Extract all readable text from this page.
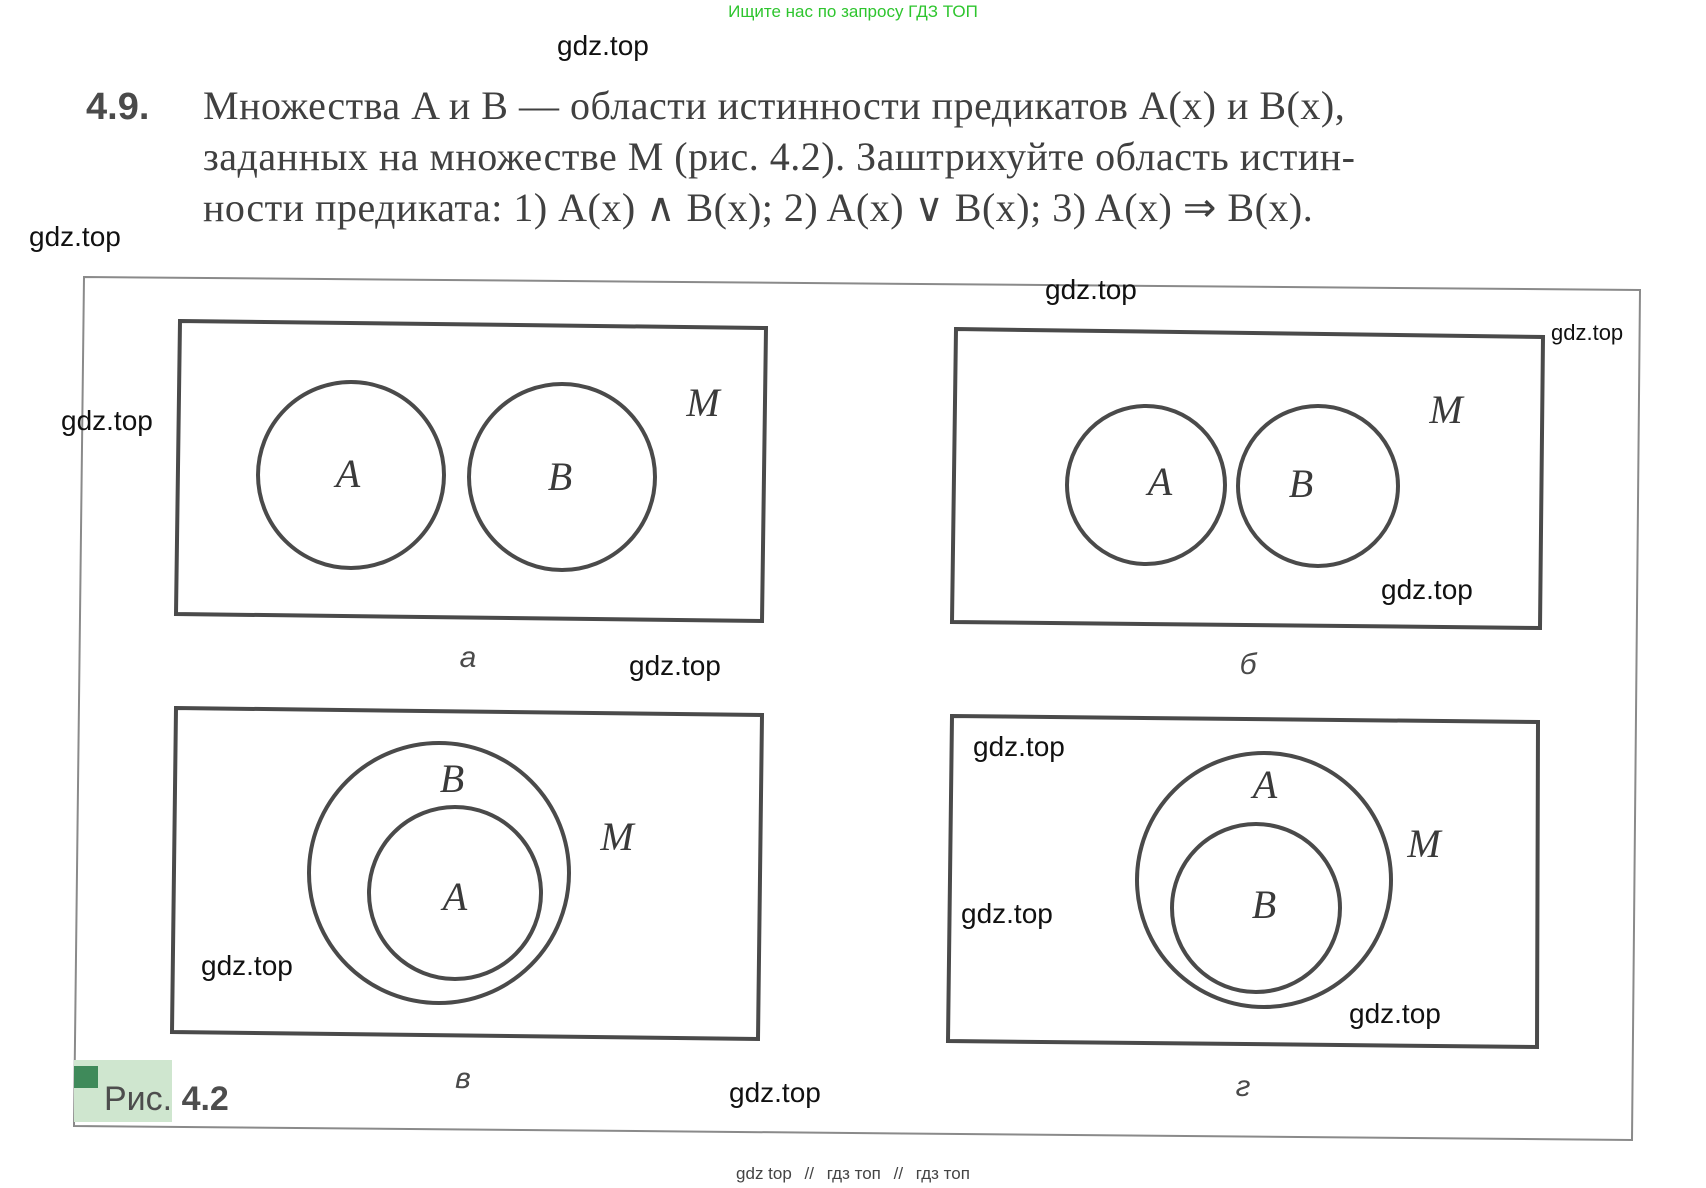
Ищите нас по запросу ГДЗ ТОП
4.9. Множества A и B — области истинности предикатов A(x) и B(x),
заданных на множестве M (рис. 4.2). Заштрихуйте область истин-
ности предиката: 1) A(x) ∧ B(x); 2) A(x) ∨ B(x); 3) A(x) ⇒ B(x).
A	B
M
а
A	B
M
б
B
A
M
в
A
B
M
г
Рис. 4.2
gdz.top
gdz.top
gdz.top
gdz.top
gdz.top
gdz.top
gdz.top
gdz.top
gdz.top
gdz.top
gdz.top
gdz.top
gdz top // гдз топ // гдз топ
